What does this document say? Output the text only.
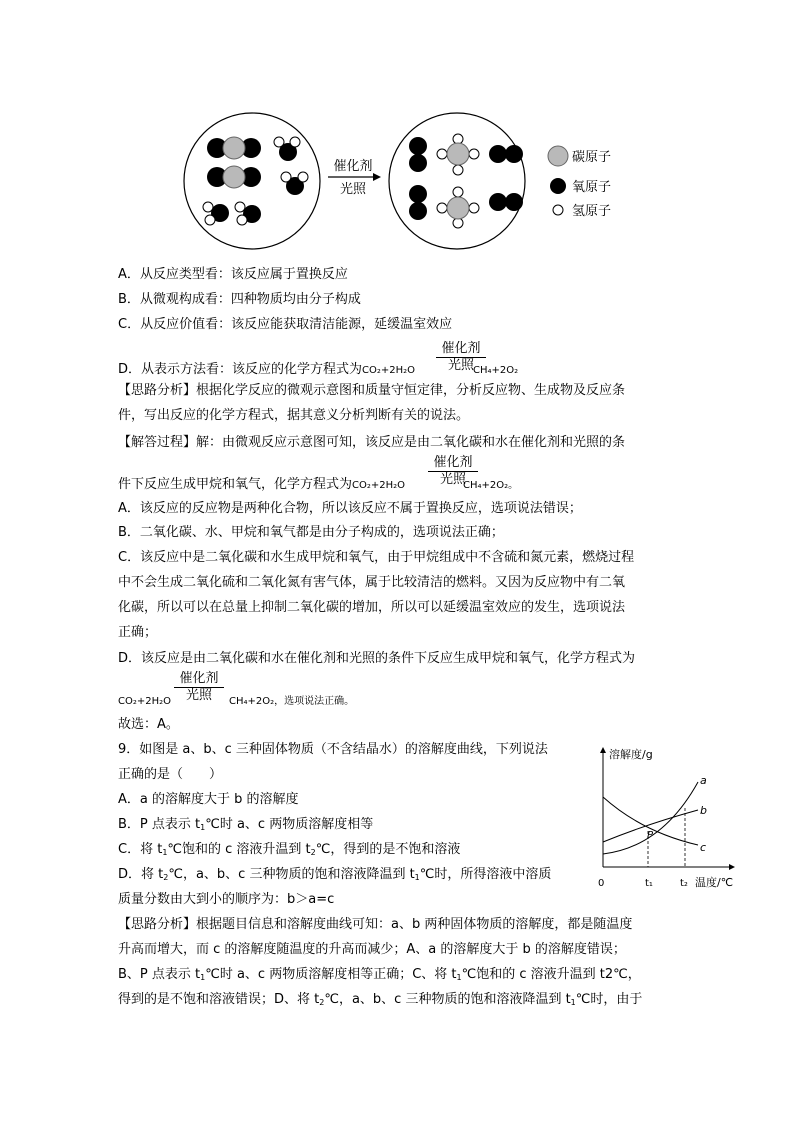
催化剂
光照
碳原子
氧原子
氢原子
A．从反应类型看：该反应属于置换反应
B．从微观构成看：四种物质均由分子构成
C．从反应价值看：该反应能获取清洁能源，延缓温室效应
催化剂
光照
D．从表示方法看：该反应的化学方程式为CO₂+2H₂O	CH₄+2O₂
【思路分析】根据化学反应的微观示意图和质量守恒定律，分析反应物、生成物及反应条
件，写出反应的化学方程式，据其意义分析判断有关的说法。
【解答过程】解：由微观反应示意图可知，该反应是由二氧化碳和水在催化剂和光照的条
催化剂
光照
件下反应生成甲烷和氧气，化学方程式为CO₂+2H₂O	CH₄+2O₂。
A．该反应的反应物是两种化合物，所以该反应不属于置换反应，选项说法错误；
B．二氧化碳、水、甲烷和氧气都是由分子构成的，选项说法正确；
C．该反应中是二氧化碳和水生成甲烷和氧气，由于甲烷组成中不含硫和氮元素，燃烧过程
中不会生成二氧化硫和二氧化氮有害气体，属于比较清洁的燃料。又因为反应物中有二氧
化碳，所以可以在总量上抑制二氧化碳的增加，所以可以延缓温室效应的发生，选项说法
正确；
D．该反应是由二氧化碳和水在催化剂和光照的条件下反应生成甲烷和氧气，化学方程式为
催化剂
光照
CO₂+2H₂O	CH₄+2O₂，选项说法正确。
故选：A。
9．如图是 a、b、c 三种固体物质（不含结晶水）的溶解度曲线，下列说法
正确的是（　　）
A．a 的溶解度大于 b 的溶解度
B．P 点表示 $t_1℃$时 a、c 两物质溶解度相等
C．将 $t_1℃$饱和的 c 溶液升温到 $t_2℃$，得到的是不饱和溶液
D．将 $t_2℃$，a、b、c 三种物质的饱和溶液降温到 $t_1℃$时，所得溶液中溶质
质量分数由大到小的顺序为：b＞a=c
【思路分析】根据题目信息和溶解度曲线可知：a、b 两种固体物质的溶解度，都是随温度
升高而增大，而 c 的溶解度随温度的升高而减少；A、a 的溶解度大于 b 的溶解度错误；
B、P 点表示 $t_1℃$时 a、c 两物质溶解度相等正确；C、将 $t_1℃$饱和的 c 溶液升温到 t2℃，
得到的是不饱和溶液错误；D、将 $t_2℃$，a、b、c 三种物质的饱和溶液降温到 $t_1℃$时，由于
溶解度/g
0	t₁	t₂ 温度/℃
a
b
c
P
